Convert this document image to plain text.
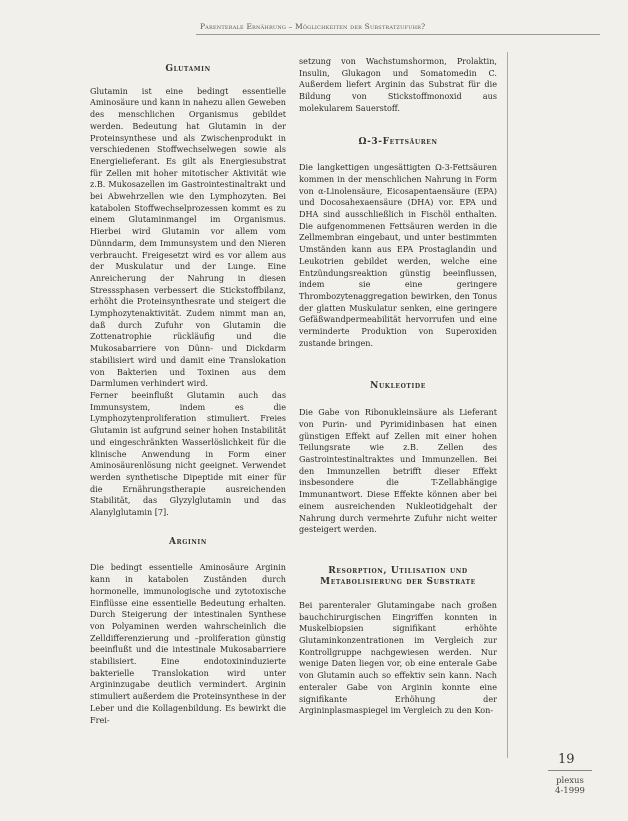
Parenterale Ernährung – Möglichkeiten der Substratzufuhr?
Glutamin

Glutamin ist eine bedingt essentielle Aminosäure und kann in nahezu allen Geweben des menschlichen Organismus gebildet werden. Bedeutung hat Glutamin in der Proteinsynthese und als Zwischenprodukt in verschiedenen Stoffwechselwegen sowie als Energielieferant. Es gilt als Energiesubstrat für Zellen mit hoher mitotischer Aktivität wie z.B. Mukosazellen im Gastrointestinaltrakt und bei Abwehrzellen wie den Lymphozyten. Bei katabolen Stoffwechselprozessen kommt es zu einem Glutaminmangel im Organismus. Hierbei wird Glutamin vor allem vom Dünndarm, dem Immunsystem und den Nieren verbraucht. Freigesetzt wird es vor allem aus der Muskulatur und der Lunge. Eine Anreicherung der Nahrung in diesen Stresssphasen verbessert die Stickstoffbilanz, erhöht die Proteinsynthesrate und steigert die Lymphozytenaktivität. Zudem nimmt man an, daß durch Zufuhr von Glutamin die Zottenatrophie rückläufig und die Mukosabarriere von Dünn- und Dickdarm stabilisiert wird und damit eine Translokation von Bakterien und Toxinen aus dem Darmlumen verhindert wird.

Ferner beeinflußt Glutamin auch das Immunsystem, indem es die Lymphozytenproliferation stimuliert. Freies Glutamin ist aufgrund seiner hohen Instabilität und eingeschränkten Wasserlöslichkeit für die klinische Anwendung in Form einer Aminosäurenlösung nicht geeignet. Verwendet werden synthetische Dipeptide mit einer für die Ernährungstherapie ausreichenden Stabilität, das Glyzylglutamin und das Alanylglutamin [7].

Arginin

Die bedingt essentielle Aminosäure Arginin kann in katabolen Zuständen durch hormonelle, immunologische und zytotoxische Einflüsse eine essentielle Bedeutung erhalten. Durch Steigerung der intestinalen Synthese von Polyaminen werden wahrscheinlich die Zelldifferenzierung und –proliferation günstig beeinflußt und die intestinale Mukosabarriere stabilisiert. Eine endotoxininduzierte bakterielle Translokation wird unter Argininzugabe deutlich vermindert. Arginin stimuliert außerdem die Proteinsynthese in der Leber und die Kollagenbildung. Es bewirkt die Frei-

setzung von Wachstumshormon, Prolaktin, Insulin, Glukagon und Somatomedin C. Außerdem liefert Arginin das Substrat für die Bildung von Stickstoffmonoxid aus molekularem Sauerstoff.

Ω-3-Fettsäuren

Die langkettigen ungesättigten Ω-3-Fettsäuren kommen in der menschlichen Nahrung in Form von α-Linolensäure, Eicosapentaensäure (EPA) und Docosahexaensäure (DHA) vor. EPA und DHA sind ausschließlich in Fischöl enthalten. Die aufgenommenen Fettsäuren werden in die Zellmembran eingebaut, und unter bestimmten Umständen kann aus EPA Prostaglandin und Leukotrien gebildet werden, welche eine Entzündungsreaktion günstig beeinflussen, indem sie eine geringere Thrombozytenaggregation bewirken, den Tonus der glatten Muskulatur senken, eine geringere Gefäßwandpermeabilität hervorrufen und eine verminderte Produktion von Superoxiden zustande bringen.

Nukleotide

Die Gabe von Ribonukleinsäure als Lieferant von Purin- und Pyrimidinbasen hat einen günstigen Effekt auf Zellen mit einer hohen Teilungsrate wie z.B. Zellen des Gastrointestinaltraktes und Immunzellen. Bei den Immunzellen betrifft dieser Effekt insbesondere die T-Zellabhängige Immunantwort. Diese Effekte können aber bei einem ausreichenden Nukleotidgehalt der Nahrung durch vermehrte Zufuhr nicht weiter gesteigert werden.

Resorption, Utilisation und
Metabolisierung der Substrate

Bei parenteraler Glutamingabe nach großen bauchchirurgischen Eingriffen konnten in Muskelbiopsien signifikant erhöhte Glutaminkonzentrationen im Vergleich zur Kontrollgruppe nachgewiesen werden. Nur wenige Daten liegen vor, ob eine enterale Gabe von Glutamin auch so effektiv sein kann. Nach enteraler Gabe von Arginin konnte eine signifikante Erhöhung der Argininplasmaspiegel im Vergleich zu den Kon-

19
plexus
4-1999
